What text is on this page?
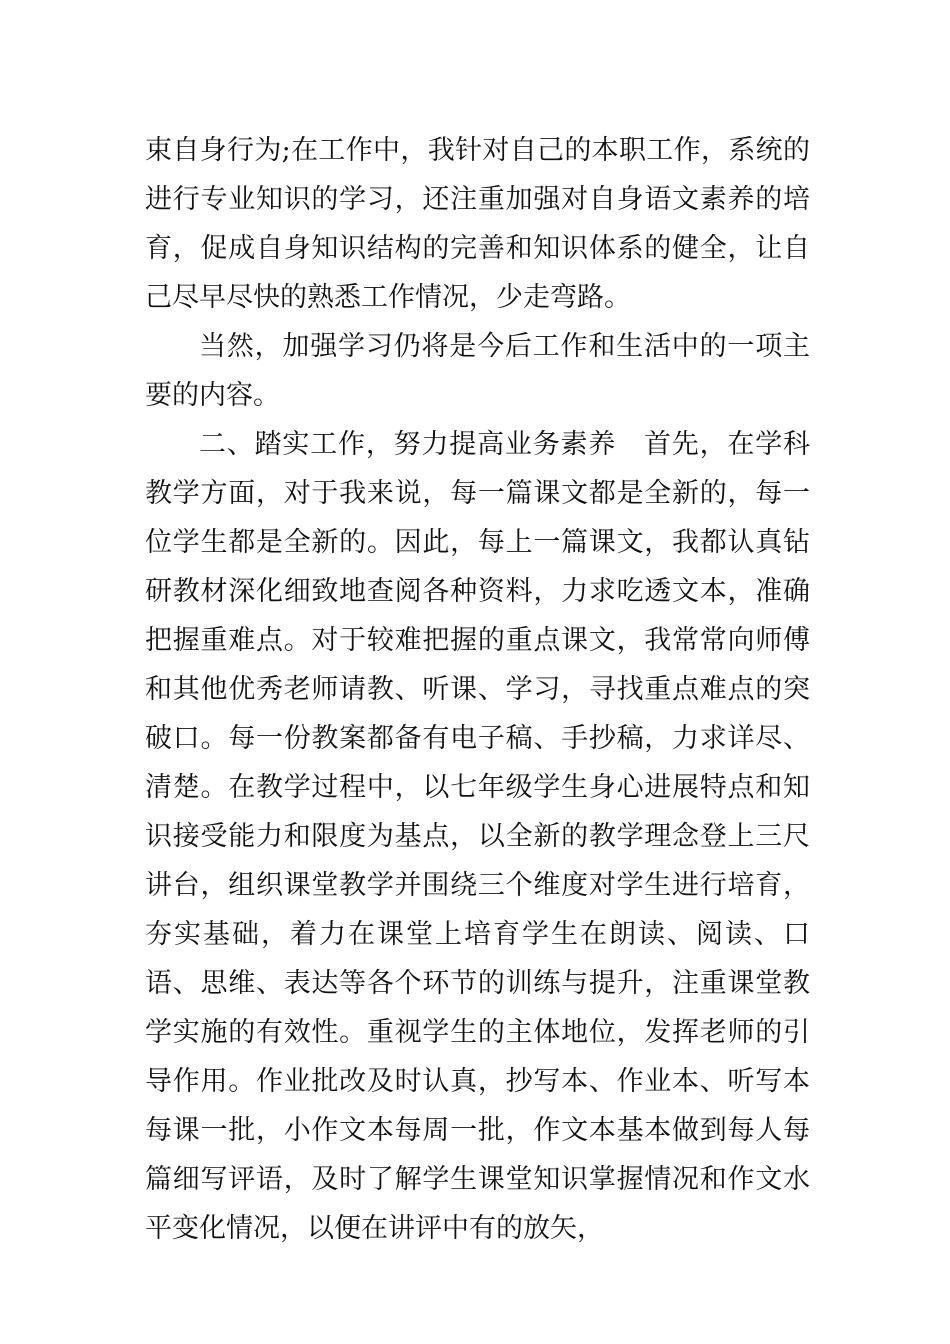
束自身行为;在工作中，我针对自己的本职工作，系统的进行专业知识的学习，还注重加强对自身语文素养的培育，促成自身知识结构的完善和知识体系的健全，让自己尽早尽快的熟悉工作情况，少走弯路。

当然，加强学习仍将是今后工作和生活中的一项主要的内容。

二、踏实工作，努力提高业务素养　首先，在学科教学方面，对于我来说，每一篇课文都是全新的，每一位学生都是全新的。因此，每上一篇课文，我都认真钻研教材深化细致地查阅各种资料，力求吃透文本，准确把握重难点。对于较难把握的重点课文，我常常向师傅和其他优秀老师请教、听课、学习，寻找重点难点的突破口。每一份教案都备有电子稿、手抄稿，力求详尽、清楚。在教学过程中，以七年级学生身心进展特点和知识接受能力和限度为基点，以全新的教学理念登上三尺讲台，组织课堂教学并围绕三个维度对学生进行培育，夯实基础，着力在课堂上培育学生在朗读、阅读、口语、思维、表达等各个环节的训练与提升，注重课堂教学实施的有效性。重视学生的主体地位，发挥老师的引导作用。作业批改及时认真，抄写本、作业本、听写本每课一批，小作文本每周一批，作文本基本做到每人每篇细写评语，及时了解学生课堂知识掌握情况和作文水平变化情况，以便在讲评中有的放矢，
